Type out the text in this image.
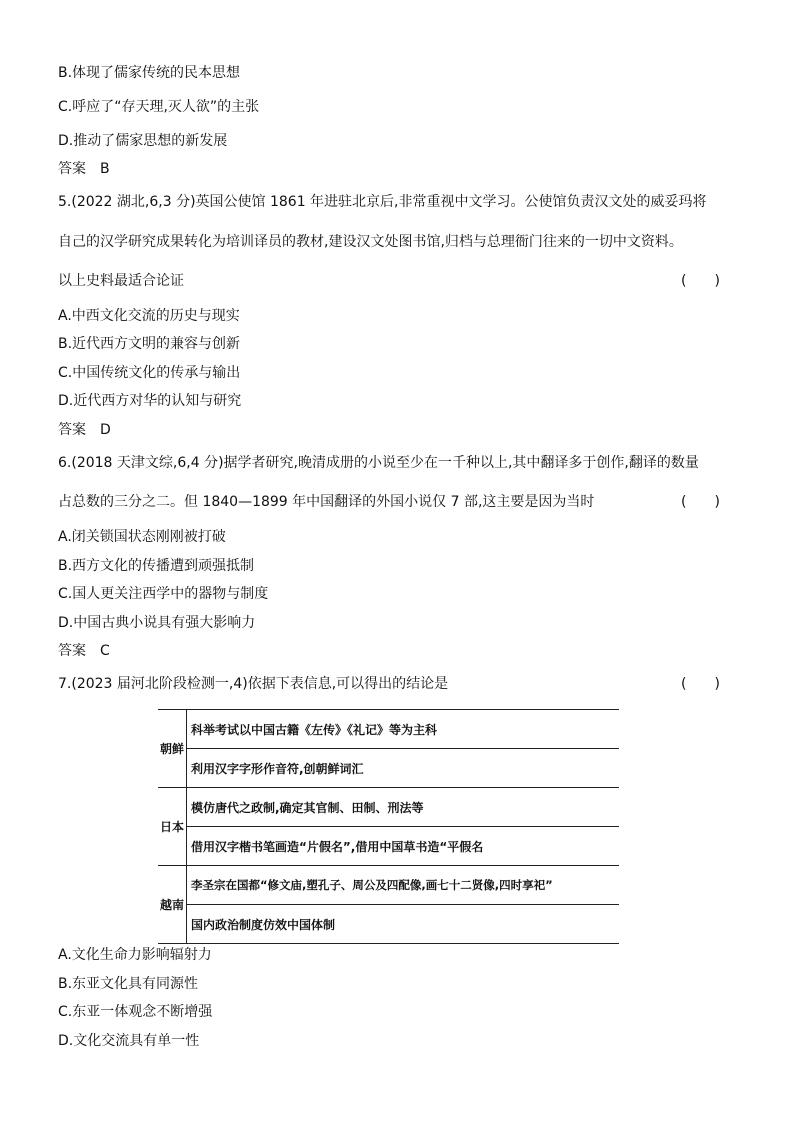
B.体现了儒家传统的民本思想
C.呼应了“存天理,灭人欲”的主张
D.推动了儒家思想的新发展
答案　B
5.(2022 湖北,6,3 分)英国公使馆 1861 年进驻北京后,非常重视中文学习。公使馆负责汉文处的威妥玛将
自己的汉学研究成果转化为培训译员的教材,建设汉文处图书馆,归档与总理衙门往来的一切中文资料。
以上史料最适合论证	(　　)
A.中西文化交流的历史与现实
B.近代西方文明的兼容与创新
C.中国传统文化的传承与输出
D.近代西方对华的认知与研究
答案　D
6.(2018 天津文综,6,4 分)据学者研究,晚清成册的小说至少在一千种以上,其中翻译多于创作,翻译的数量
占总数的三分之二。但 1840—1899 年中国翻译的外国小说仅 7 部,这主要是因为当时	(　　)
A.闭关锁国状态刚刚被打破
B.西方文化的传播遭到顽强抵制
C.国人更关注西学中的器物与制度
D.中国古典小说具有强大影响力
答案　C
7.(2023 届河北阶段检测一,4)依据下表信息,可以得出的结论是	(　　)
朝鲜	科举考试以中国古籍《左传》《礼记》等为主科
	利用汉字字形作音符,创朝鲜词汇
日本	模仿唐代之政制,确定其官制、田制、刑法等
	借用汉字楷书笔画造“片假名”,借用中国草书造“平假名
越南	李圣宗在国都“修文庙,塑孔子、周公及四配像,画七十二贤像,四时享祀”
	国内政治制度仿效中国体制
A.文化生命力影响辐射力
B.东亚文化具有同源性
C.东亚一体观念不断增强
D.文化交流具有单一性
